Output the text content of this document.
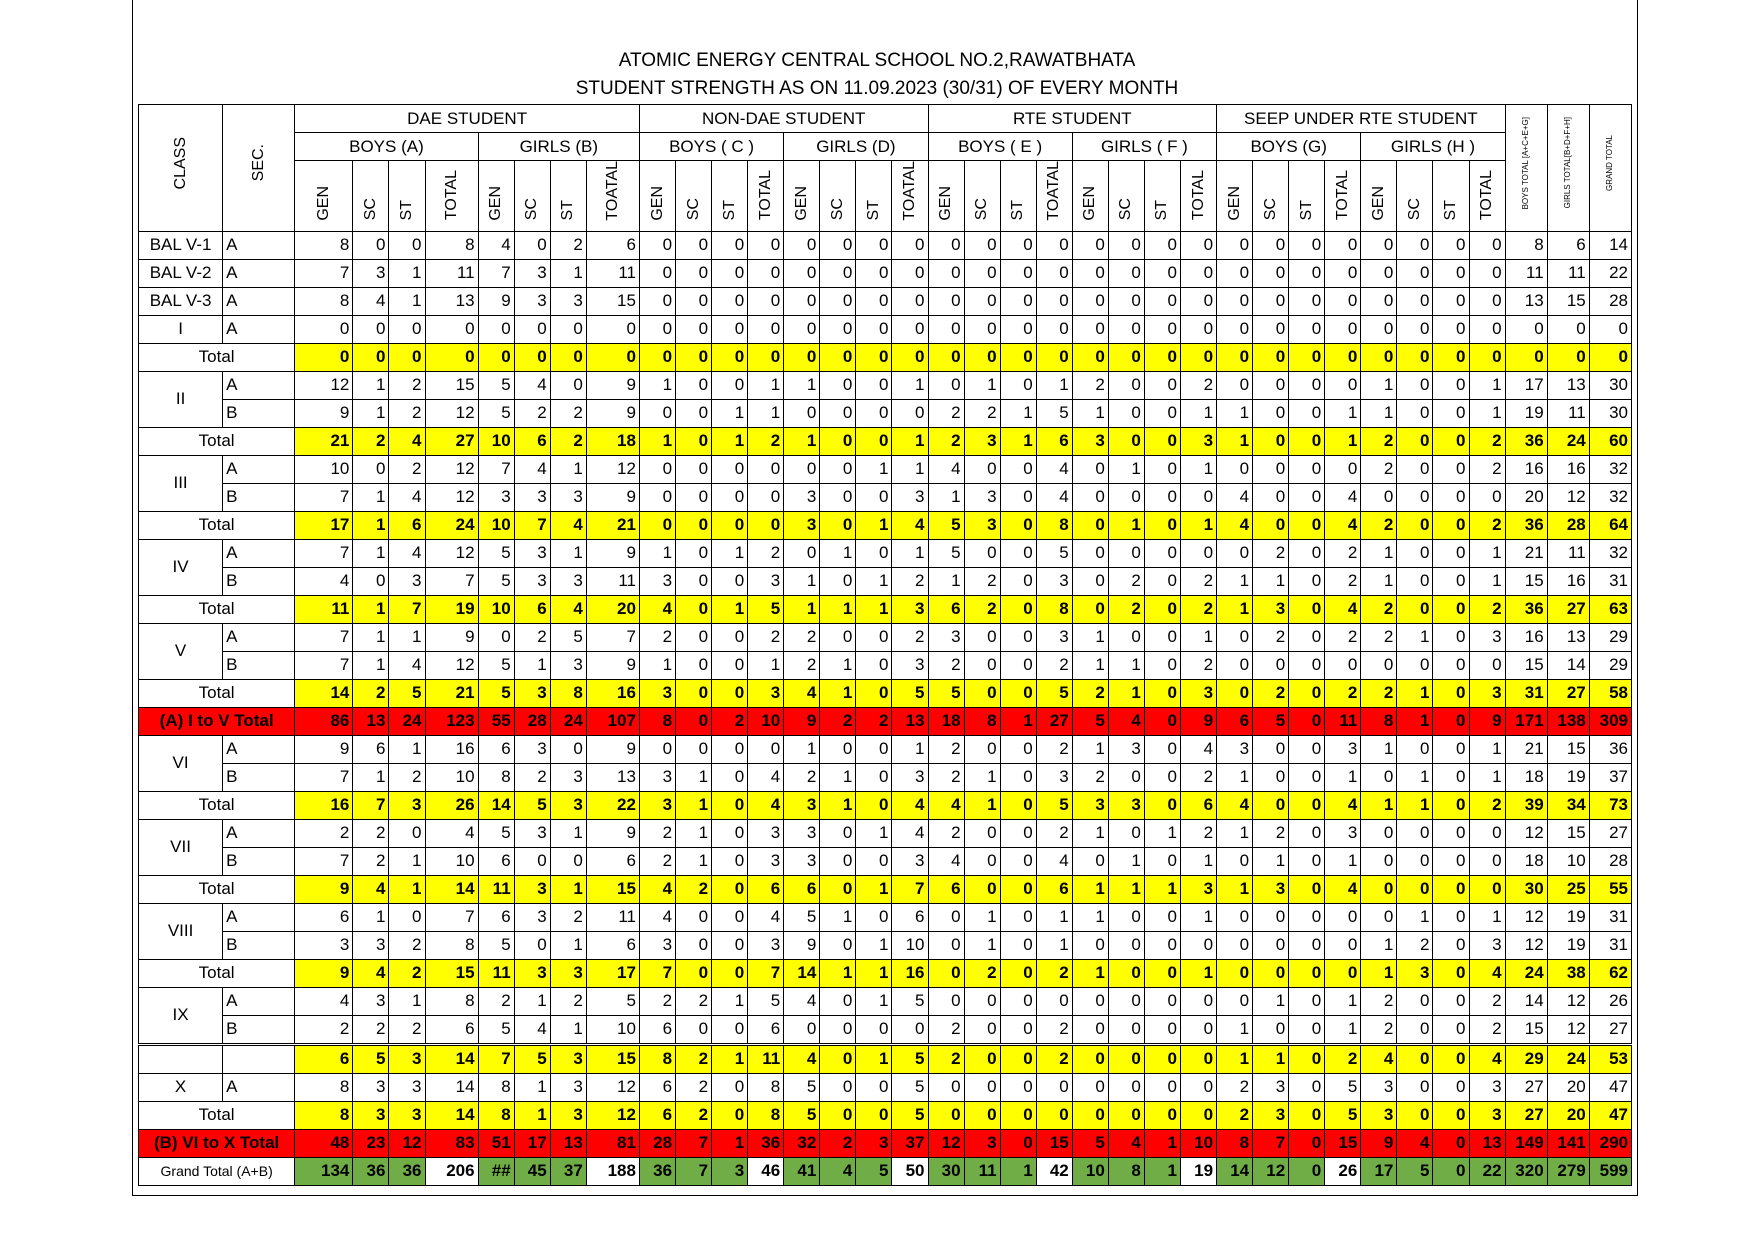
ATOMIC ENERGY CENTRAL SCHOOL NO.2,RAWATBHATA
STUDENT STRENGTH AS ON 11.09.2023 (30/31) OF EVERY MONTH
CLASS	SEC.	DAE STUDENT								NON-DAE STUDENT								RTE STUDENT								SEEP UNDER RTE STUDENT								BOYS TOTAL [A+C+E+G]	GIRLS TOTAL[B+D+F+H]	GRAND TOTAL
		BOYS (A)				GIRLS (B)				BOYS ( C )				GIRLS (D)				BOYS ( E )				GIRLS ( F )				BOYS (G)				GIRLS (H )						
		GEN	SC	ST	TOTAL	GEN	SC	ST	TOATAL	GEN	SC	ST	TOTAL	GEN	SC	ST	TOATAL	GEN	SC	ST	TOATAL	GEN	SC	ST	TOTAL	GEN	SC	ST	TOTAL	GEN	SC	ST	TOTAL			
BAL V-1	A	8	0	0	8	4	0	2	6	0	0	0	0	0	0	0	0	0	0	0	0	0	0	0	0	0	0	0	0	0	0	0	0	8	6	14
BAL V-2	A	7	3	1	11	7	3	1	11	0	0	0	0	0	0	0	0	0	0	0	0	0	0	0	0	0	0	0	0	0	0	0	0	11	11	22
BAL V-3	A	8	4	1	13	9	3	3	15	0	0	0	0	0	0	0	0	0	0	0	0	0	0	0	0	0	0	0	0	0	0	0	0	13	15	28
I	A	0	0	0	0	0	0	0	0	0	0	0	0	0	0	0	0	0	0	0	0	0	0	0	0	0	0	0	0	0	0	0	0	0	0	0
Total		0	0	0	0	0	0	0	0	0	0	0	0	0	0	0	0	0	0	0	0	0	0	0	0	0	0	0	0	0	0	0	0	0	0	0
II	A	12	1	2	15	5	4	0	9	1	0	0	1	1	0	0	1	0	1	0	1	2	0	0	2	0	0	0	0	1	0	0	1	17	13	30
	B	9	1	2	12	5	2	2	9	0	0	1	1	0	0	0	0	2	2	1	5	1	0	0	1	1	0	0	1	1	0	0	1	19	11	30
Total		21	2	4	27	10	6	2	18	1	0	1	2	1	0	0	1	2	3	1	6	3	0	0	3	1	0	0	1	2	0	0	2	36	24	60
III	A	10	0	2	12	7	4	1	12	0	0	0	0	0	0	1	1	4	0	0	4	0	1	0	1	0	0	0	0	2	0	0	2	16	16	32
	B	7	1	4	12	3	3	3	9	0	0	0	0	3	0	0	3	1	3	0	4	0	0	0	0	4	0	0	4	0	0	0	0	20	12	32
Total		17	1	6	24	10	7	4	21	0	0	0	0	3	0	1	4	5	3	0	8	0	1	0	1	4	0	0	4	2	0	0	2	36	28	64
IV	A	7	1	4	12	5	3	1	9	1	0	1	2	0	1	0	1	5	0	0	5	0	0	0	0	0	2	0	2	1	0	0	1	21	11	32
	B	4	0	3	7	5	3	3	11	3	0	0	3	1	0	1	2	1	2	0	3	0	2	0	2	1	1	0	2	1	0	0	1	15	16	31
Total		11	1	7	19	10	6	4	20	4	0	1	5	1	1	1	3	6	2	0	8	0	2	0	2	1	3	0	4	2	0	0	2	36	27	63
V	A	7	1	1	9	0	2	5	7	2	0	0	2	2	0	0	2	3	0	0	3	1	0	0	1	0	2	0	2	2	1	0	3	16	13	29
	B	7	1	4	12	5	1	3	9	1	0	0	1	2	1	0	3	2	0	0	2	1	1	0	2	0	0	0	0	0	0	0	0	15	14	29
Total		14	2	5	21	5	3	8	16	3	0	0	3	4	1	0	5	5	0	0	5	2	1	0	3	0	2	0	2	2	1	0	3	31	27	58
(A) I to V Total		86	13	24	123	55	28	24	107	8	0	2	10	9	2	2	13	18	8	1	27	5	4	0	9	6	5	0	11	8	1	0	9	171	138	309
VI	A	9	6	1	16	6	3	0	9	0	0	0	0	1	0	0	1	2	0	0	2	1	3	0	4	3	0	0	3	1	0	0	1	21	15	36
	B	7	1	2	10	8	2	3	13	3	1	0	4	2	1	0	3	2	1	0	3	2	0	0	2	1	0	0	1	0	1	0	1	18	19	37
Total		16	7	3	26	14	5	3	22	3	1	0	4	3	1	0	4	4	1	0	5	3	3	0	6	4	0	0	4	1	1	0	2	39	34	73
VII	A	2	2	0	4	5	3	1	9	2	1	0	3	3	0	1	4	2	0	0	2	1	0	1	2	1	2	0	3	0	0	0	0	12	15	27
	B	7	2	1	10	6	0	0	6	2	1	0	3	3	0	0	3	4	0	0	4	0	1	0	1	0	1	0	1	0	0	0	0	18	10	28
Total		9	4	1	14	11	3	1	15	4	2	0	6	6	0	1	7	6	0	0	6	1	1	1	3	1	3	0	4	0	0	0	0	30	25	55
VIII	A	6	1	0	7	6	3	2	11	4	0	0	4	5	1	0	6	0	1	0	1	1	0	0	1	0	0	0	0	0	1	0	1	12	19	31
	B	3	3	2	8	5	0	1	6	3	0	0	3	9	0	1	10	0	1	0	1	0	0	0	0	0	0	0	0	1	2	0	3	12	19	31
Total		9	4	2	15	11	3	3	17	7	0	0	7	14	1	1	16	0	2	0	2	1	0	0	1	0	0	0	0	1	3	0	4	24	38	62
IX	A	4	3	1	8	2	1	2	5	2	2	1	5	4	0	1	5	0	0	0	0	0	0	0	0	0	1	0	1	2	0	0	2	14	12	26
	B	2	2	2	6	5	4	1	10	6	0	0	6	0	0	0	0	2	0	0	2	0	0	0	0	1	0	0	1	2	0	0	2	15	12	27
		6	5	3	14	7	5	3	15	8	2	1	11	4	0	1	5	2	0	0	2	0	0	0	0	1	1	0	2	4	0	0	4	29	24	53
X	A	8	3	3	14	8	1	3	12	6	2	0	8	5	0	0	5	0	0	0	0	0	0	0	0	2	3	0	5	3	0	0	3	27	20	47
Total		8	3	3	14	8	1	3	12	6	2	0	8	5	0	0	5	0	0	0	0	0	0	0	0	2	3	0	5	3	0	0	3	27	20	47
(B) VI to X Total		48	23	12	83	51	17	13	81	28	7	1	36	32	2	3	37	12	3	0	15	5	4	1	10	8	7	0	15	9	4	0	13	149	141	290
Grand Total (A+B)		134	36	36	206	##	45	37	188	36	7	3	46	41	4	5	50	30	11	1	42	10	8	1	19	14	12	0	26	17	5	0	22	320	279	599
